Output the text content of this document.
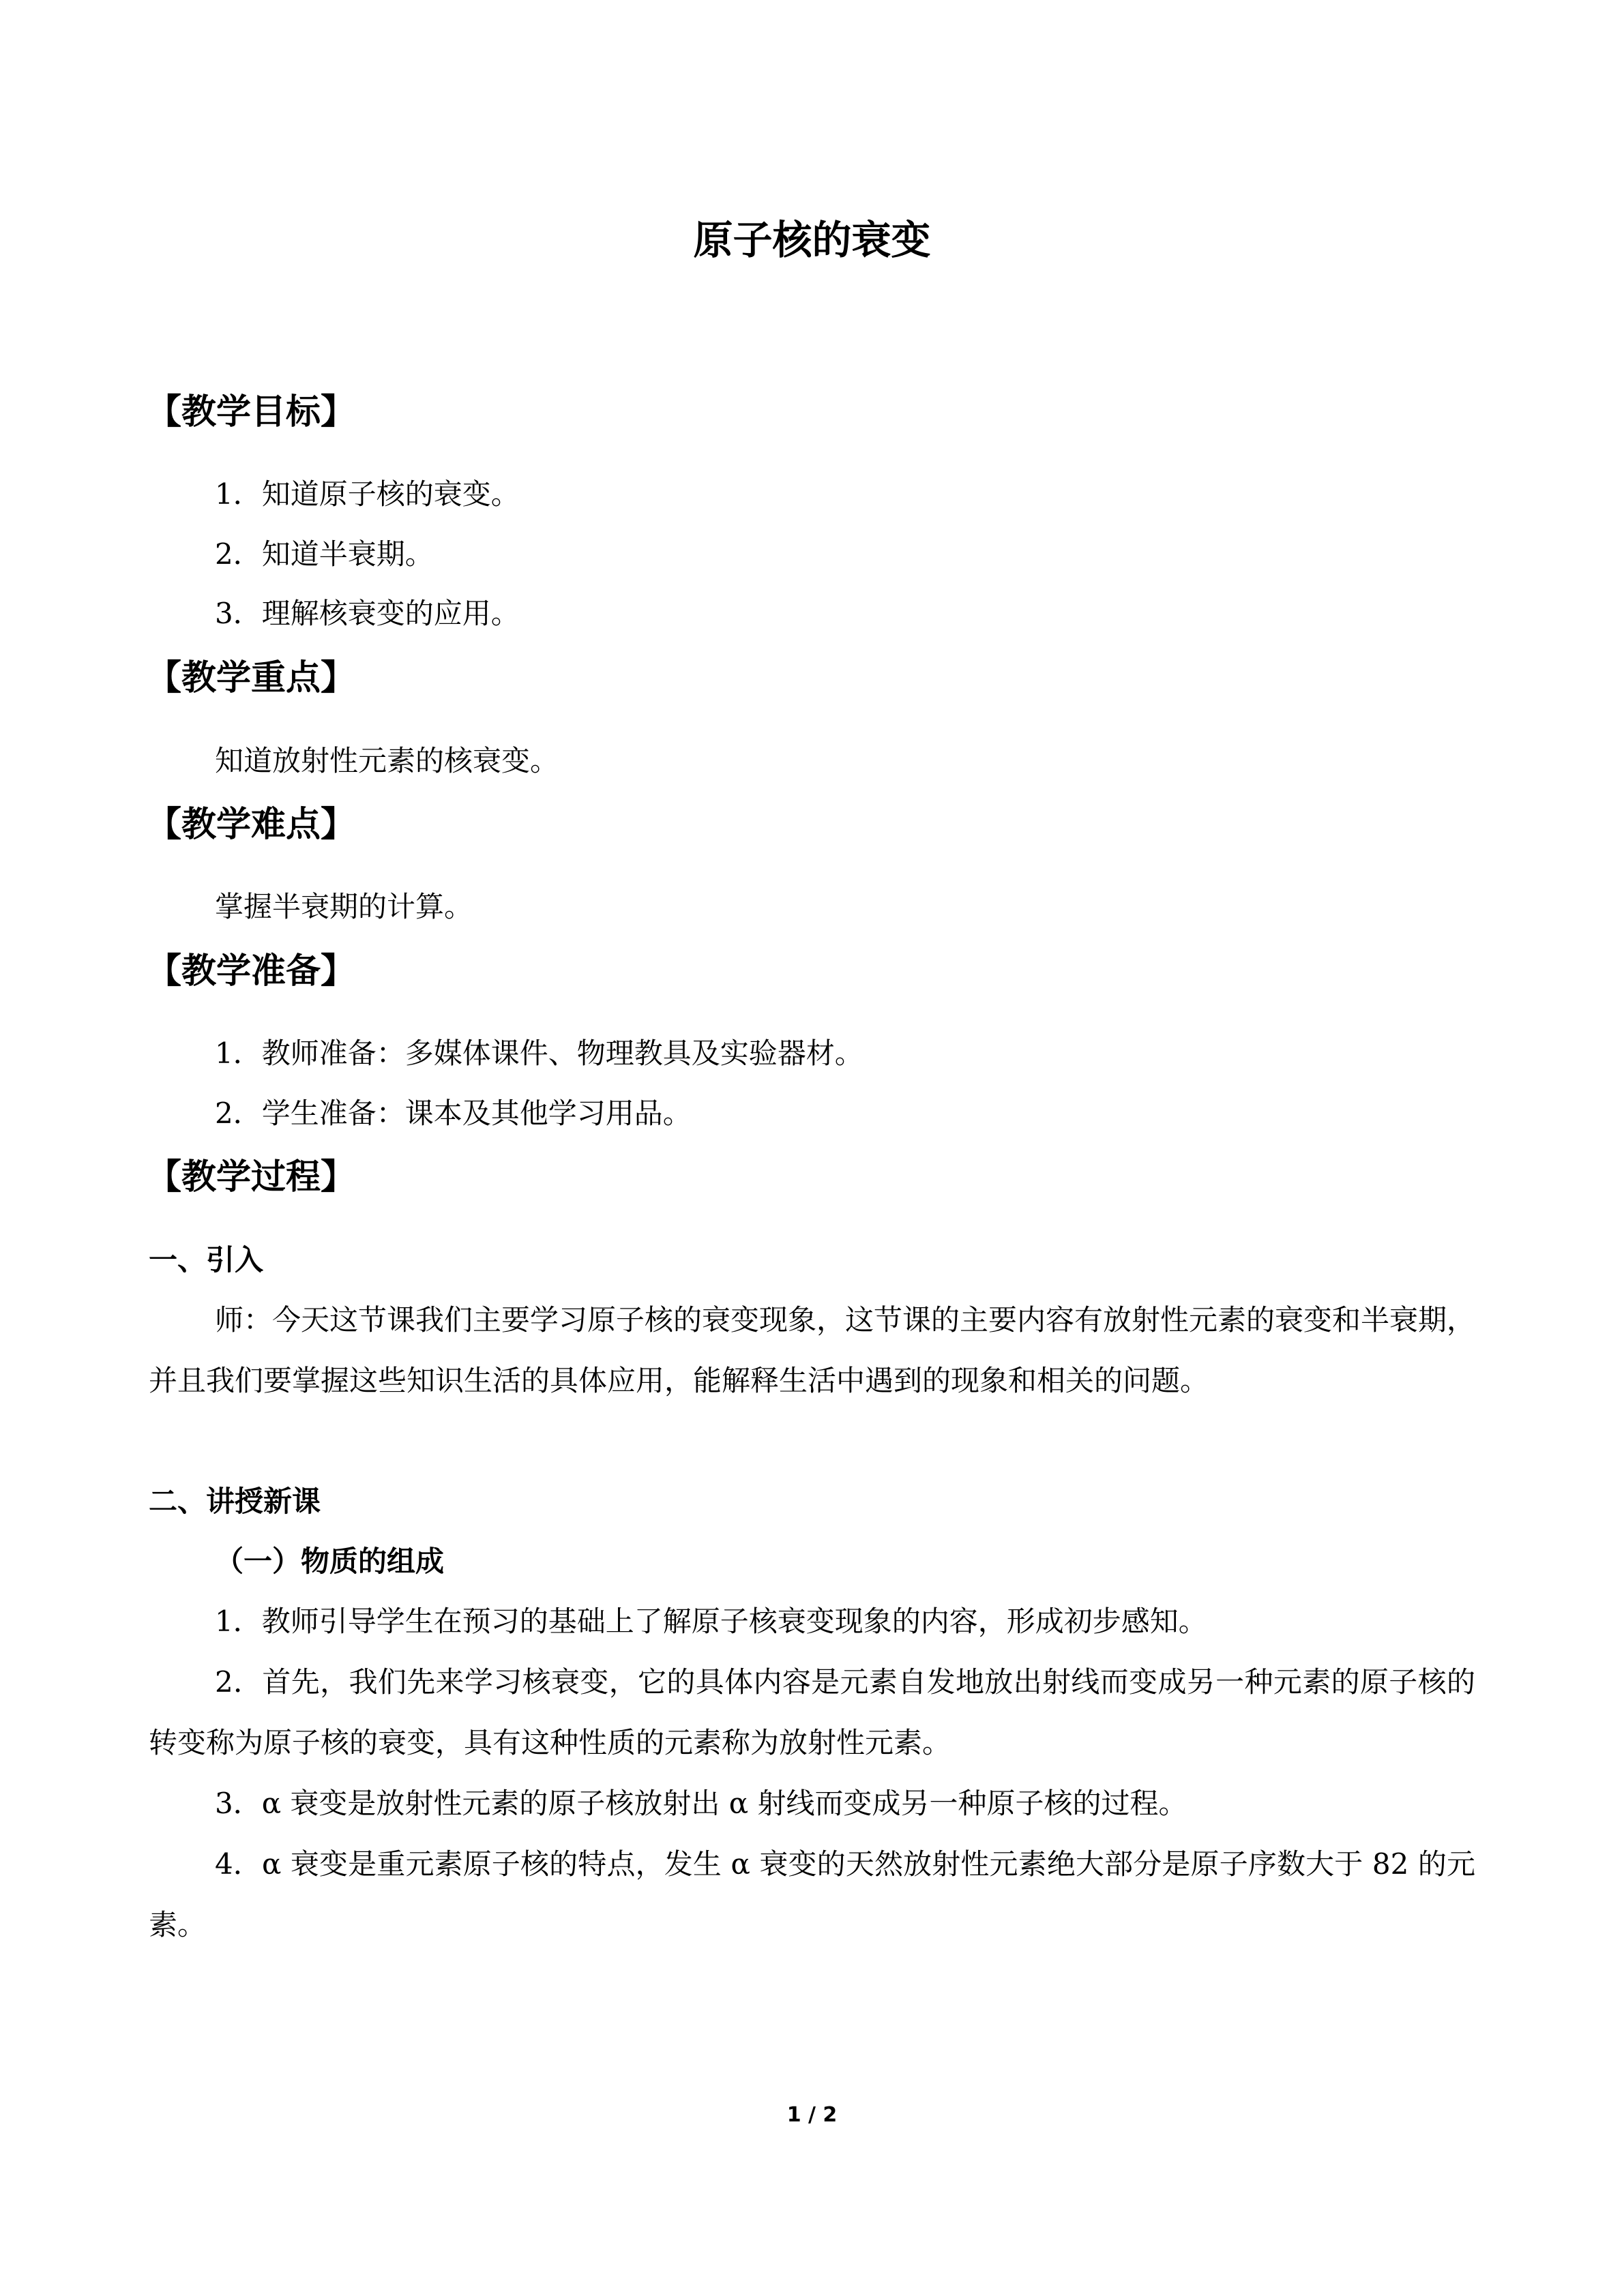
原子核的衰变
【教学目标】
1．知道原子核的衰变。
2．知道半衰期。
3．理解核衰变的应用。
【教学重点】
知道放射性元素的核衰变。
【教学难点】
掌握半衰期的计算。
【教学准备】
1．教师准备：多媒体课件、物理教具及实验器材。
2．学生准备：课本及其他学习用品。
【教学过程】
一、引入
师：今天这节课我们主要学习原子核的衰变现象，这节课的主要内容有放射性元素的衰变和半衰期，并且我们要掌握这些知识生活的具体应用，能解释生活中遇到的现象和相关的问题。
二、讲授新课
（一）物质的组成
1．教师引导学生在预习的基础上了解原子核衰变现象的内容，形成初步感知。
2．首先，我们先来学习核衰变，它的具体内容是元素自发地放出射线而变成另一种元素的原子核的转变称为原子核的衰变，具有这种性质的元素称为放射性元素。
3．α 衰变是放射性元素的原子核放射出 α 射线而变成另一种原子核的过程。
4．α 衰变是重元素原子核的特点，发生 α 衰变的天然放射性元素绝大部分是原子序数大于 82 的元素。
1 / 2
